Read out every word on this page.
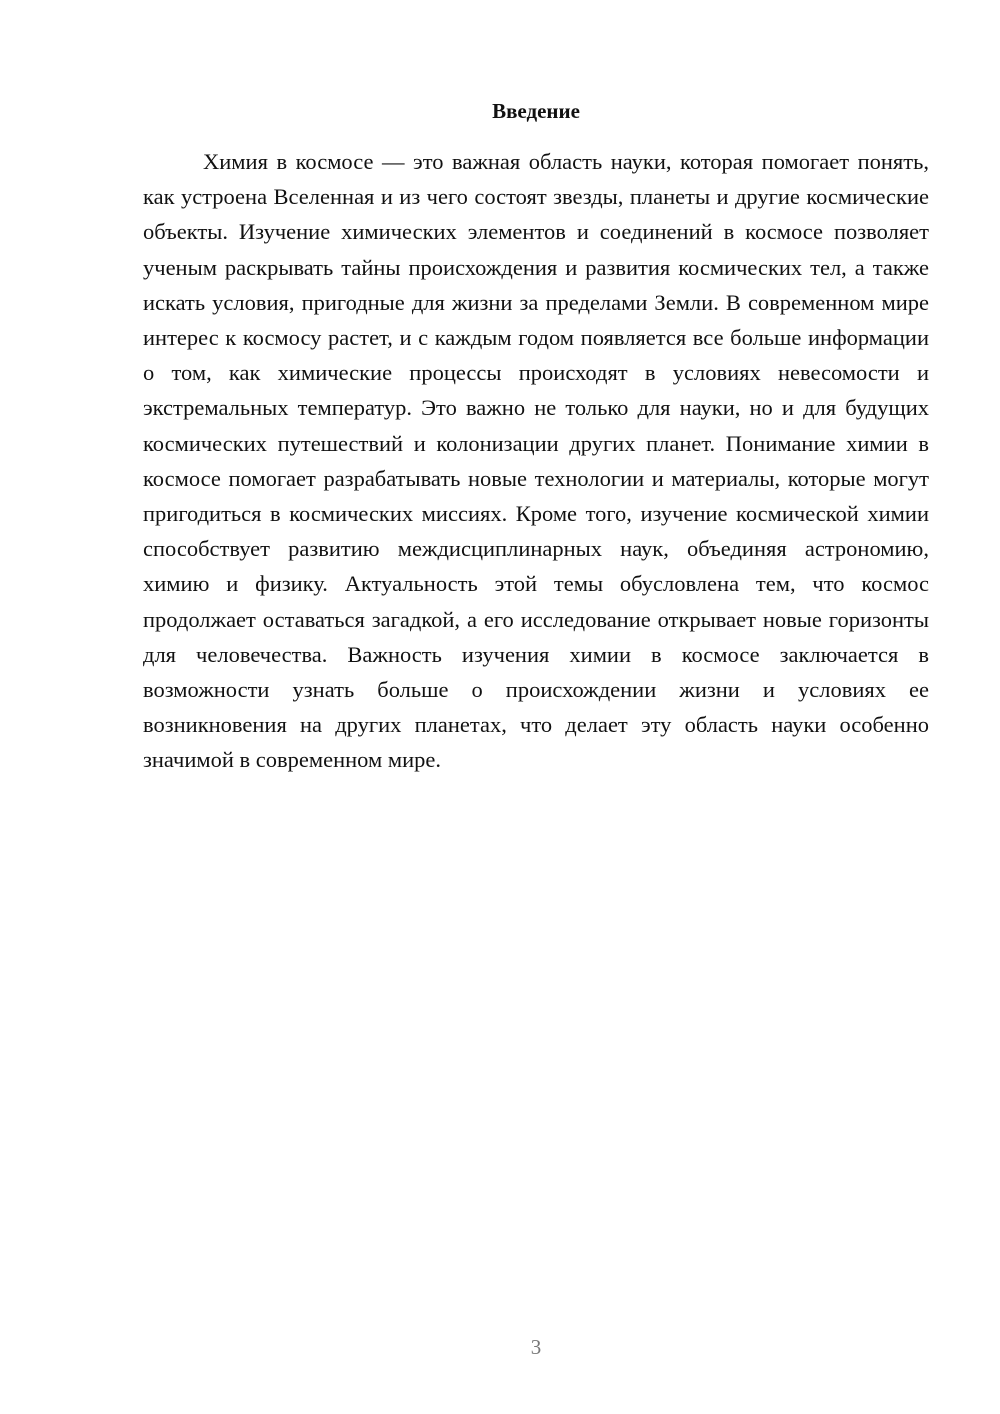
Введение

Химия в космосе — это важная область науки, которая помогает понять, как устроена Вселенная и из чего состоят звезды, планеты и другие космические объекты. Изучение химических элементов и соединений в космосе позволяет ученым раскрывать тайны происхождения и развития космических тел, а также искать условия, пригодные для жизни за пределами Земли. В современном мире интерес к космосу растет, и с каждым годом появляется все больше информации о том, как химические процессы происходят в условиях невесомости и экстремальных температур. Это важно не только для науки, но и для будущих космических путешествий и колонизации других планет. Понимание химии в космосе помогает разрабатывать новые технологии и материалы, которые могут пригодиться в космических миссиях. Кроме того, изучение космической химии способствует развитию междисциплинарных наук, объединяя астрономию, химию и физику. Актуальность этой темы обусловлена тем, что космос продолжает оставаться загадкой, а его исследование открывает новые горизонты для человечества. Важность изучения химии в космосе заключается в возможности узнать больше о происхождении жизни и условиях ее возникновения на других планетах, что делает эту область науки особенно значимой в современном мире.

3
